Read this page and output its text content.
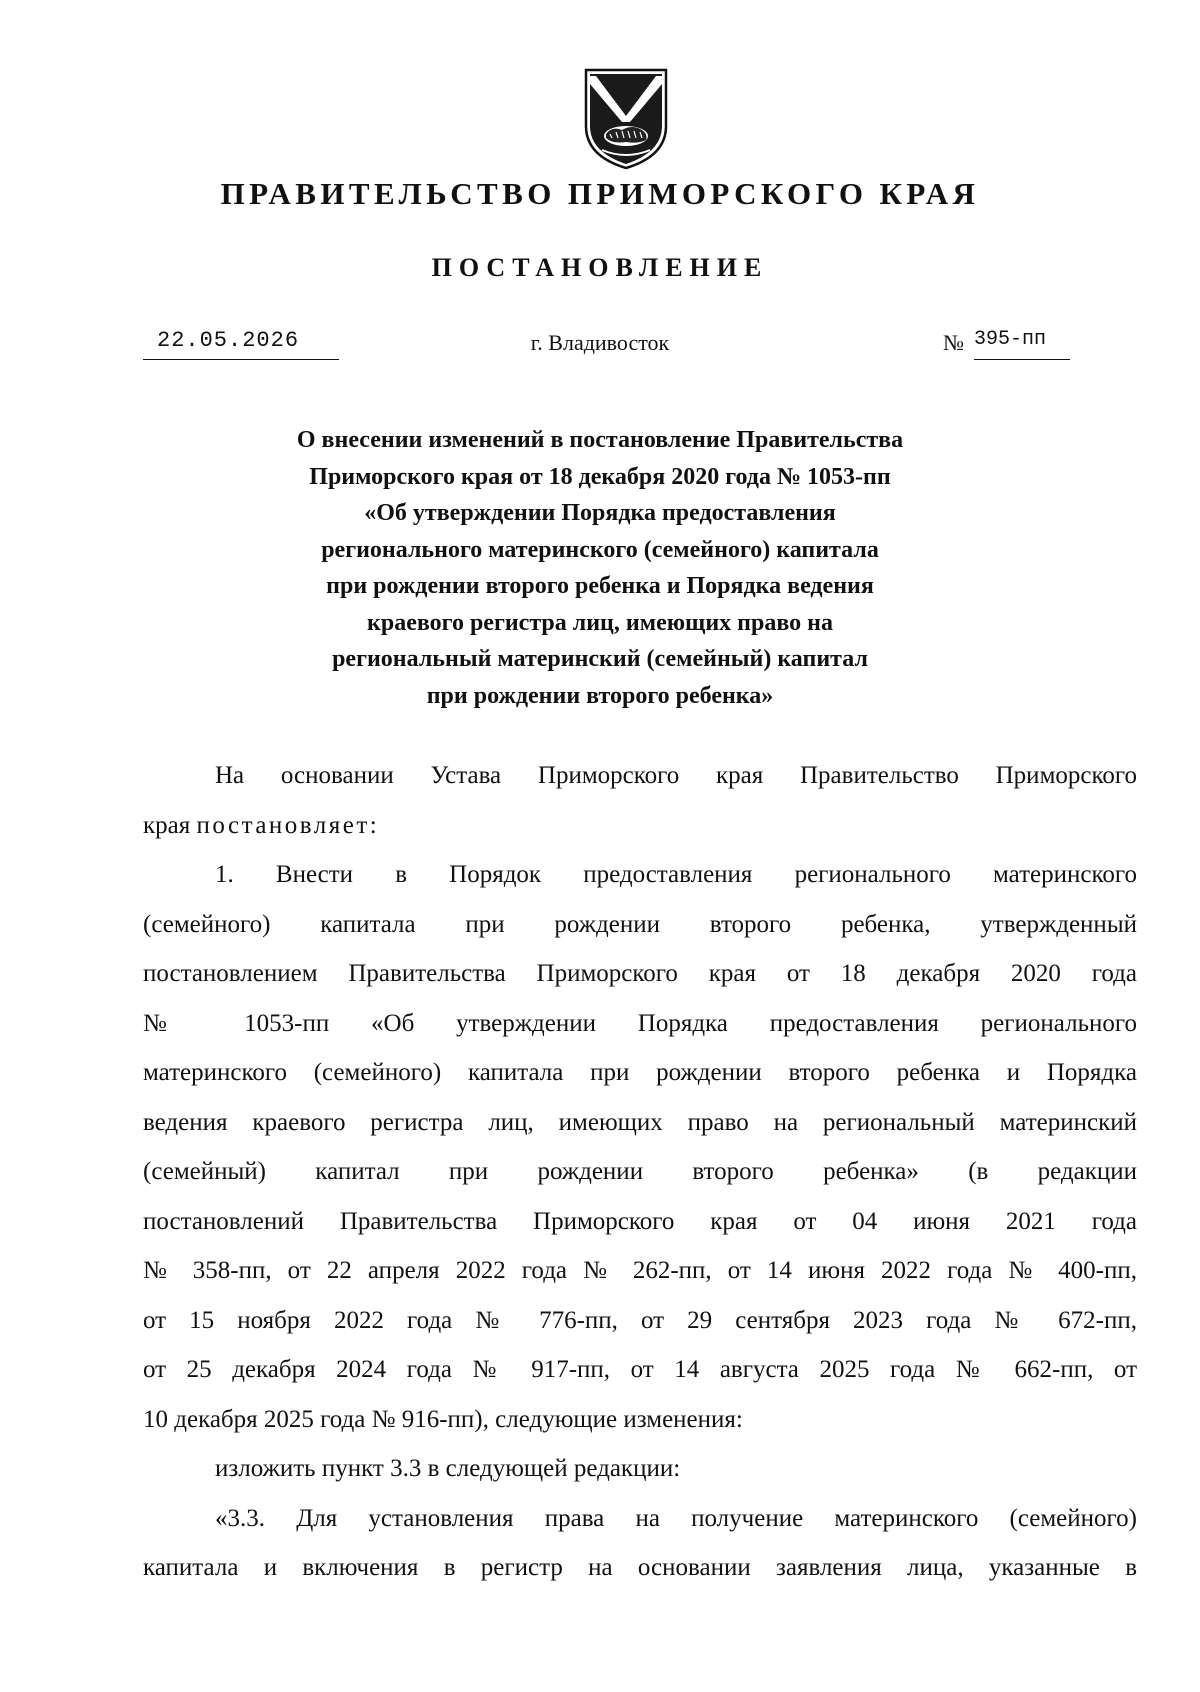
ПРАВИТЕЛЬСТВО ПРИМОРСКОГО КРАЯ
ПОСТАНОВЛЕНИЕ
22.05.2026	г. Владивосток	№ 395-пп
О внесении изменений в постановление Правительства
Приморского края от 18 декабря 2020 года № 1053-пп
«Об утверждении Порядка предоставления
регионального материнского (семейного) капитала
при рождении второго ребенка и Порядка ведения
краевого регистра лиц, имеющих право на
региональный материнский (семейный) капитал
при рождении второго ребенка»
На основании Устава Приморского края Правительство Приморского
края постановляет:
1. Внести в Порядок предоставления регионального материнского
(семейного) капитала при рождении второго ребенка, утвержденный
постановлением Правительства Приморского края от 18 декабря 2020 года
№ 1053-пп «Об утверждении Порядка предоставления регионального
материнского (семейного) капитала при рождении второго ребенка и Порядка
ведения краевого регистра лиц, имеющих право на региональный материнский
(семейный) капитал при рождении второго ребенка» (в редакции
постановлений Правительства Приморского края от 04 июня 2021 года
№ 358-пп, от 22 апреля 2022 года № 262-пп, от 14 июня 2022 года № 400-пп,
от 15 ноября 2022 года № 776-пп, от 29 сентября 2023 года № 672-пп,
от 25 декабря 2024 года № 917-пп, от 14 августа 2025 года № 662-пп, от
10 декабря 2025 года № 916-пп), следующие изменения:
изложить пункт 3.3 в следующей редакции:
«3.3. Для установления права на получение материнского (семейного)
капитала и включения в регистр на основании заявления лица, указанные в
